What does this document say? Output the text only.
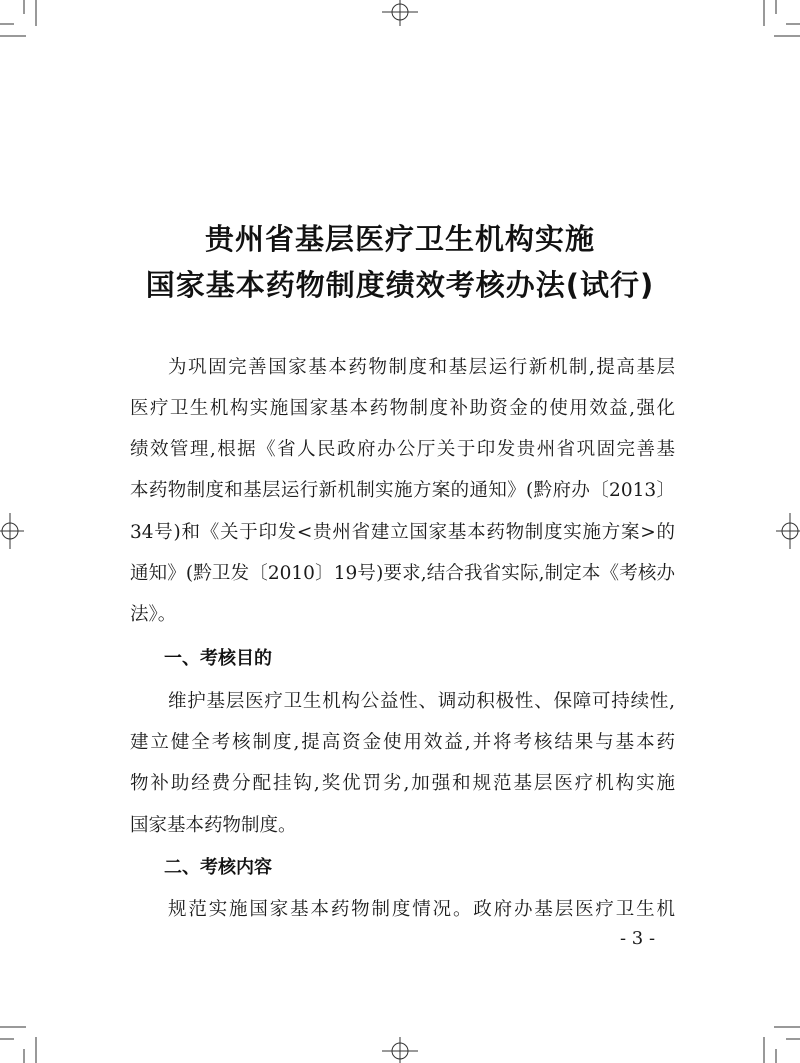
贵州省基层医疗卫生机构实施
国家基本药物制度绩效考核办法(试行)
为巩固完善国家基本药物制度和基层运行新机制,提高基层
医疗卫生机构实施国家基本药物制度补助资金的使用效益,强化
绩效管理,根据《省人民政府办公厅关于印发贵州省巩固完善基
本药物制度和基层运行新机制实施方案的通知》(黔府办〔2013〕
34号)和《关于印发<贵州省建立国家基本药物制度实施方案>的
通知》(黔卫发〔2010〕19号)要求,结合我省实际,制定本《考核办
法》。
一、考核目的
维护基层医疗卫生机构公益性、调动积极性、保障可持续性,
建立健全考核制度,提高资金使用效益,并将考核结果与基本药
物补助经费分配挂钩,奖优罚劣,加强和规范基层医疗机构实施
国家基本药物制度。
二、考核内容
规范实施国家基本药物制度情况。政府办基层医疗卫生机
- 3 -
